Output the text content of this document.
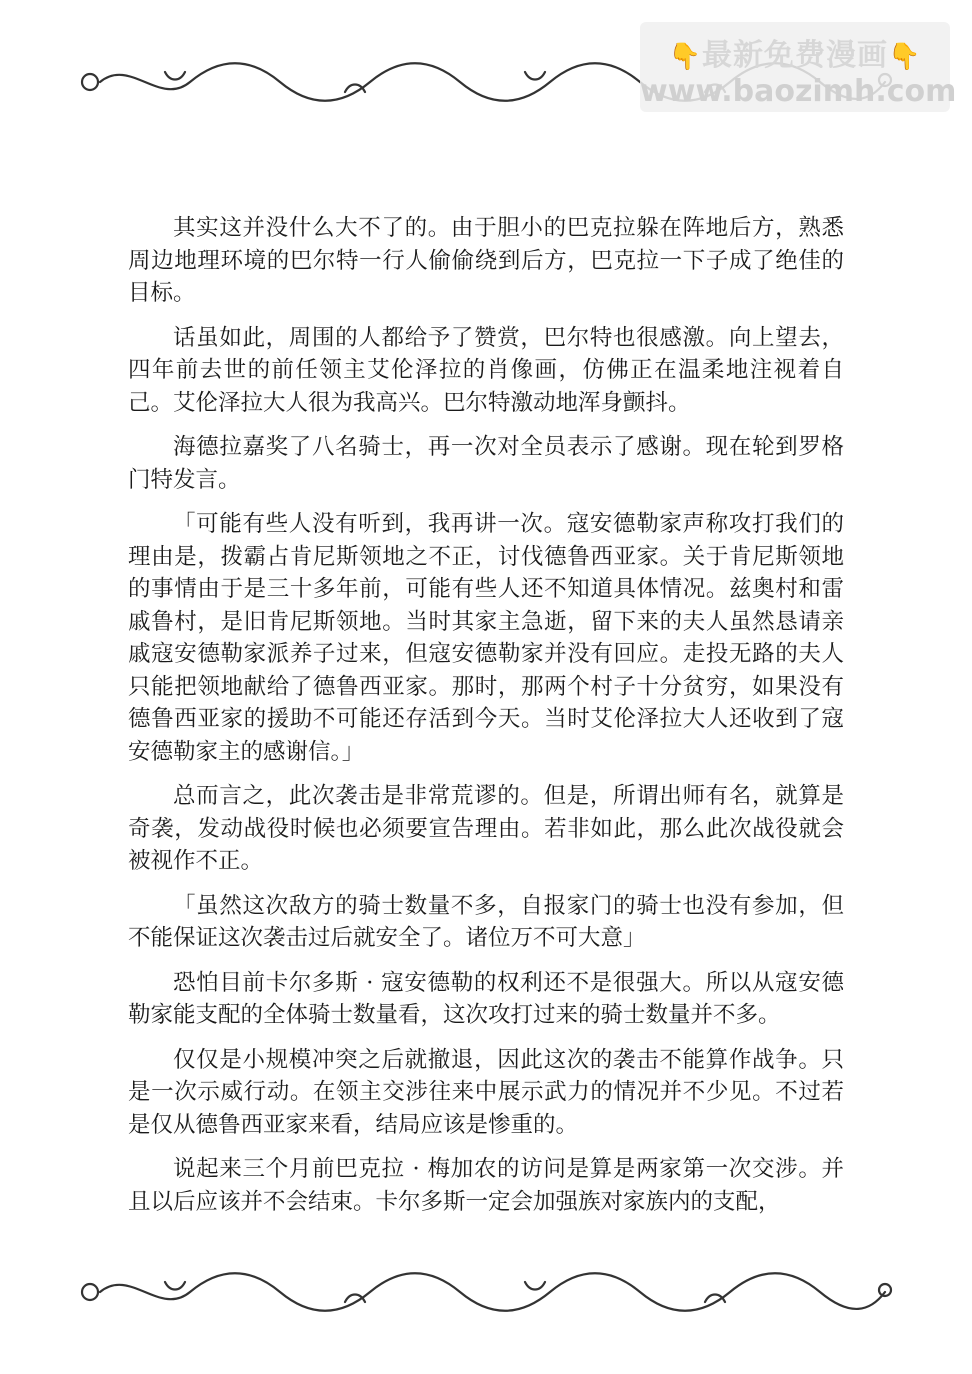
👇最新免费漫画👇
www.baozimh.com

其实这并没什么大不了的。由于胆小的巴克拉躲在阵地后方，熟悉周边地理环境的巴尔特一行人偷偷绕到后方，巴克拉一下子成了绝佳的目标。

话虽如此，周围的人都给予了赞赏，巴尔特也很感激。向上望去，四年前去世的前任领主艾伦泽拉的肖像画，仿佛正在温柔地注视着自己。艾伦泽拉大人很为我高兴。巴尔特激动地浑身颤抖。

海德拉嘉奖了八名骑士，再一次对全员表示了感谢。现在轮到罗格门特发言。

「可能有些人没有听到，我再讲一次。寇安德勒家声称攻打我们的理由是，拨霸占肯尼斯领地之不正，讨伐德鲁西亚家。关于肯尼斯领地的事情由于是三十多年前，可能有些人还不知道具体情况。兹奥村和雷戚鲁村，是旧肯尼斯领地。当时其家主急逝，留下来的夫人虽然恳请亲戚寇安德勒家派养子过来，但寇安德勒家并没有回应。走投无路的夫人只能把领地献给了德鲁西亚家。那时，那两个村子十分贫穷，如果没有德鲁西亚家的援助不可能还存活到今天。当时艾伦泽拉大人还收到了寇安德勒家主的感谢信。」

总而言之，此次袭击是非常荒谬的。但是，所谓出师有名，就算是奇袭，发动战役时候也必须要宣告理由。若非如此，那么此次战役就会被视作不正。

「虽然这次敌方的骑士数量不多，自报家门的骑士也没有参加，但不能保证这次袭击过后就安全了。诸位万不可大意」

恐怕目前卡尔多斯 · 寇安德勒的权利还不是很强大。所以从寇安德勒家能支配的全体骑士数量看，这次攻打过来的骑士数量并不多。

仅仅是小规模冲突之后就撤退，因此这次的袭击不能算作战争。只是一次示威行动。在领主交涉往来中展示武力的情况并不少见。不过若是仅从德鲁西亚家来看，结局应该是惨重的。

说起来三个月前巴克拉 · 梅加农的访问是算是两家第一次交涉。并且以后应该并不会结束。卡尔多斯一定会加强族对家族内的支配，
